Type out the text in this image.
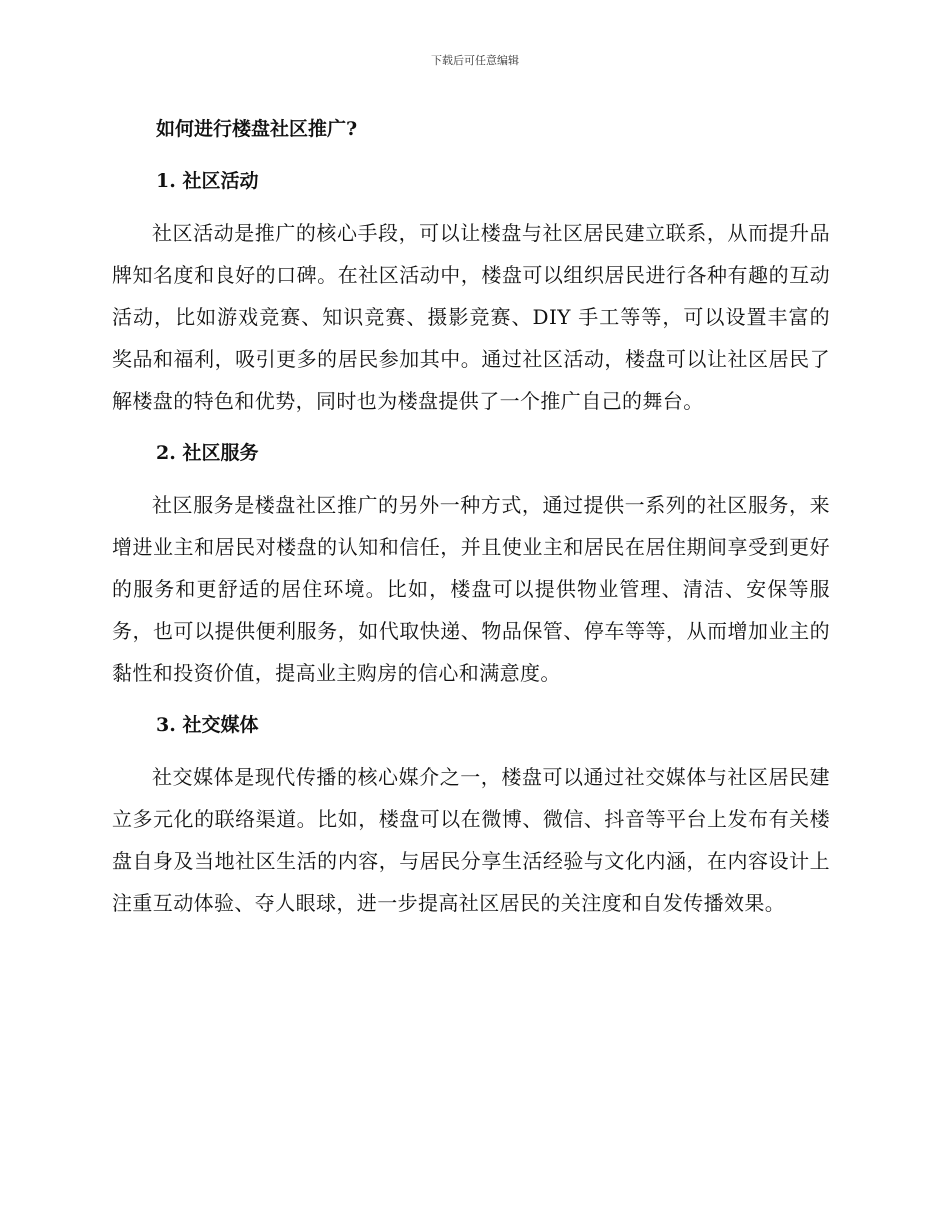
下载后可任意编辑
如何进行楼盘社区推广?
1. 社区活动

社区活动是推广的核心手段，可以让楼盘与社区居民建立联系，从而提升品牌知名度和良好的口碑。在社区活动中，楼盘可以组织居民进行各种有趣的互动活动，比如游戏竞赛、知识竞赛、摄影竞赛、DIY 手工等等，可以设置丰富的奖品和福利，吸引更多的居民参加其中。通过社区活动，楼盘可以让社区居民了解楼盘的特色和优势，同时也为楼盘提供了一个推广自己的舞台。

2. 社区服务

社区服务是楼盘社区推广的另外一种方式，通过提供一系列的社区服务，来增进业主和居民对楼盘的认知和信任，并且使业主和居民在居住期间享受到更好的服务和更舒适的居住环境。比如，楼盘可以提供物业管理、清洁、安保等服务，也可以提供便利服务，如代取快递、物品保管、停车等等，从而增加业主的黏性和投资价值，提高业主购房的信心和满意度。

3. 社交媒体

社交媒体是现代传播的核心媒介之一，楼盘可以通过社交媒体与社区居民建立多元化的联络渠道。比如，楼盘可以在微博、微信、抖音等平台上发布有关楼盘自身及当地社区生活的内容，与居民分享生活经验与文化内涵，在内容设计上注重互动体验、夺人眼球，进一步提高社区居民的关注度和自发传播效果。
